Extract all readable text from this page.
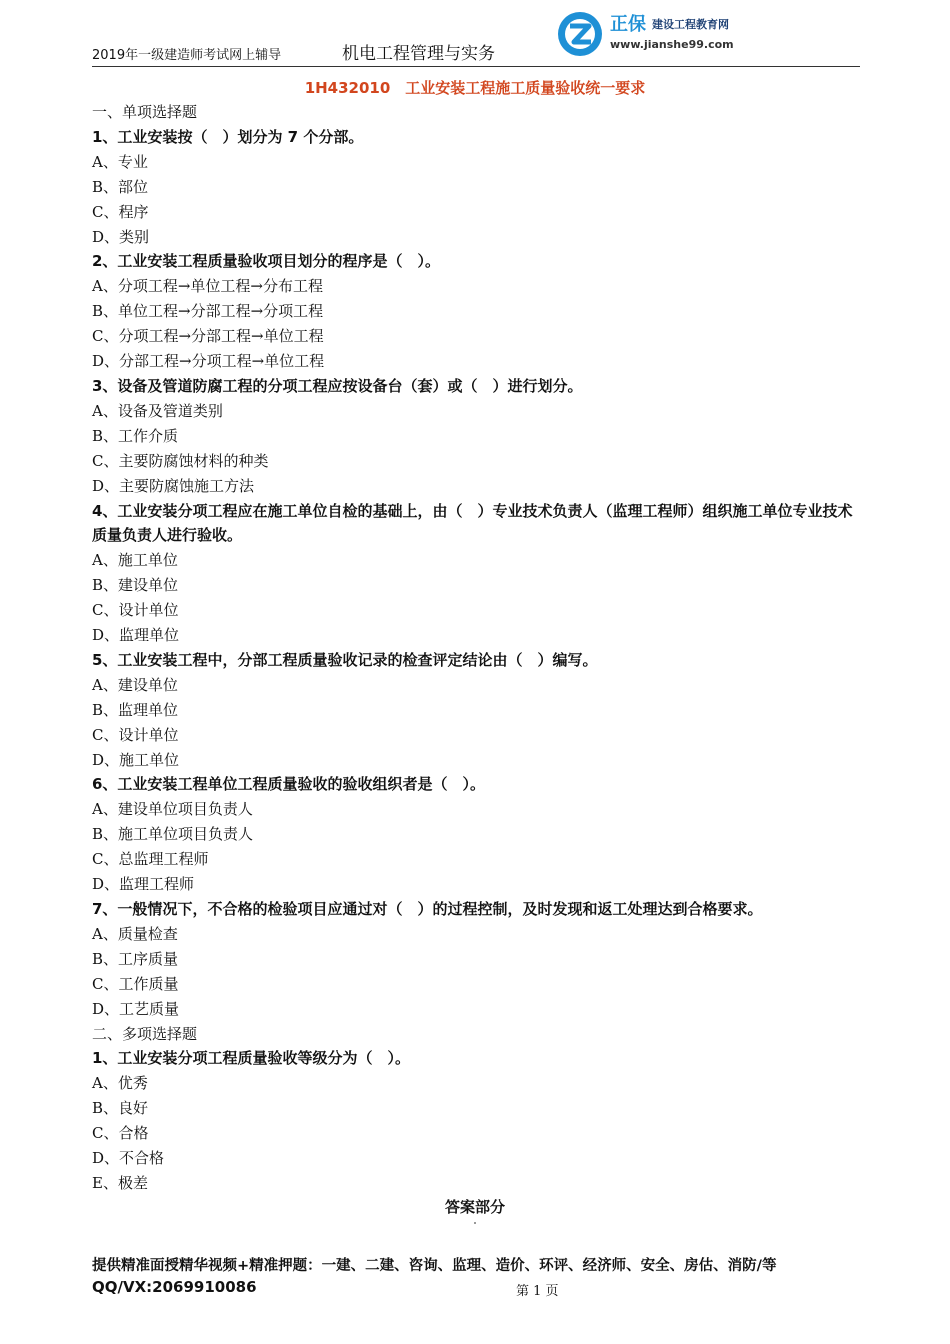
2019年一级建造师考试网上辅导	机电工程管理与实务
正保 建设工程教育网
www.jianshe99.com
1H432010　工业安装工程施工质量验收统一要求
一、单项选择题
1、工业安装按（　）划分为 7 个分部。
A、专业
B、部位
C、程序
D、类别
2、工业安装工程质量验收项目划分的程序是（　）。
A、分项工程→单位工程→分布工程
B、单位工程→分部工程→分项工程
C、分项工程→分部工程→单位工程
D、分部工程→分项工程→单位工程
3、设备及管道防腐工程的分项工程应按设备台（套）或（　）进行划分。
A、设备及管道类别
B、工作介质
C、主要防腐蚀材料的种类
D、主要防腐蚀施工方法
4、工业安装分项工程应在施工单位自检的基础上，由（　）专业技术负责人（监理工程师）组织施工单位专业技术质量负责人进行验收。
A、施工单位
B、建设单位
C、设计单位
D、监理单位
5、工业安装工程中，分部工程质量验收记录的检查评定结论由（　）编写。
A、建设单位
B、监理单位
C、设计单位
D、施工单位
6、工业安装工程单位工程质量验收的验收组织者是（　）。
A、建设单位项目负责人
B、施工单位项目负责人
C、总监理工程师
D、监理工程师
7、一般情况下，不合格的检验项目应通过对（　）的过程控制，及时发现和返工处理达到合格要求。
A、质量检查
B、工序质量
C、工作质量
D、工艺质量
二、多项选择题
1、工业安装分项工程质量验收等级分为（　）。
A、优秀
B、良好
C、合格
D、不合格
E、极差
答案部分
提供精准面授精华视频+精准押题：一建、二建、咨询、监理、造价、环评、经济师、安全、房估、消防/等
QQ/VX:2069910086	第 1 页
